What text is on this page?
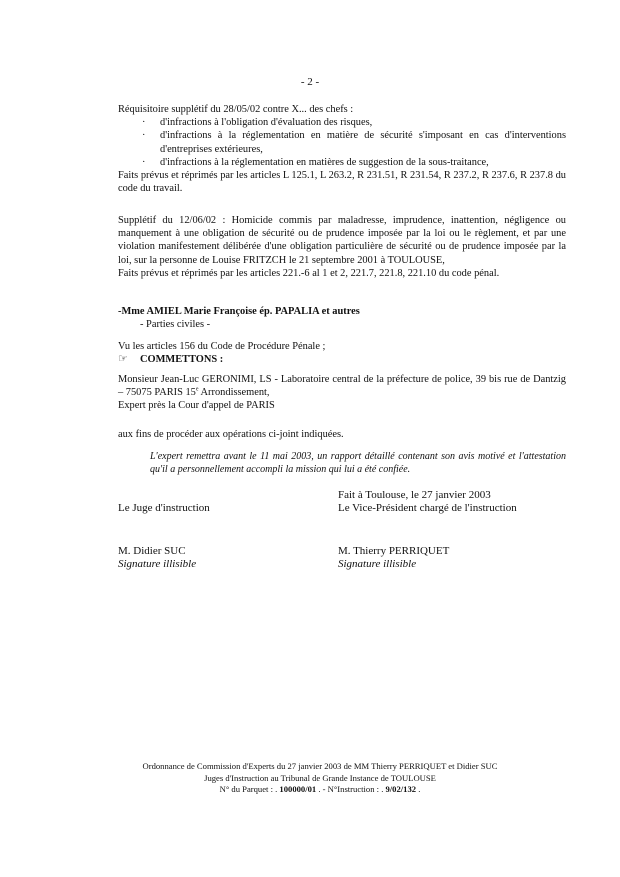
- 2 -
Réquisitoire supplétif du 28/05/02 contre X... des chefs :
· d'infractions à l'obligation d'évaluation des risques,
· d'infractions à la réglementation en matière de sécurité s'imposant en cas d'interventions d'entreprises extérieures,
· d'infractions à la réglementation en matières de suggestion de la sous-traitance,
Faits prévus et réprimés par les articles L 125.1, L 263.2, R 231.51, R 231.54, R 237.2, R 237.6, R 237.8 du code du travail.
Supplétif du 12/06/02 : Homicide commis par maladresse, imprudence, inattention, négligence ou manquement à une obligation de sécurité ou de prudence imposée par la loi ou le règlement, et par une violation manifestement délibérée d'une obligation particulière de sécurité ou de prudence imposée par la loi, sur la personne de Louise FRITZCH le 21 septembre 2001 à TOULOUSE,
Faits prévus et réprimés par les articles 221.-6 al 1 et 2, 221.7, 221.8, 221.10 du code pénal.
-Mme AMIEL Marie Françoise ép. PAPALIA et autres
- Parties civiles -
Vu les articles 156 du Code de Procédure Pénale ;
☞ COMMETTONS :
Monsieur Jean-Luc GERONIMI, LS - Laboratoire central de la préfecture de police, 39 bis rue de Dantzig – 75075 PARIS 15e Arrondissement,
Expert près la Cour d'appel de PARIS
aux fins de procéder aux opérations ci-joint indiquées.
L'expert remettra avant le 11 mai 2003, un rapport détaillé contenant son avis motivé et l'attestation qu'il a personnellement accompli la mission qui lui a été confiée.
Fait à Toulouse, le 27 janvier 2003
Le Juge d'instruction	Le Vice-Président chargé de l'instruction
M. Didier SUC	M. Thierry PERRIQUET
Signature illisible	Signature illisible
Ordonnance de Commission d'Experts du 27 janvier 2003 de MM Thierry PERRIQUET et Didier SUC
Juges d'Instruction au Tribunal de Grande Instance de TOULOUSE
N° du Parquet : . 100000/01 . - N°Instruction : . 9/02/132 .
